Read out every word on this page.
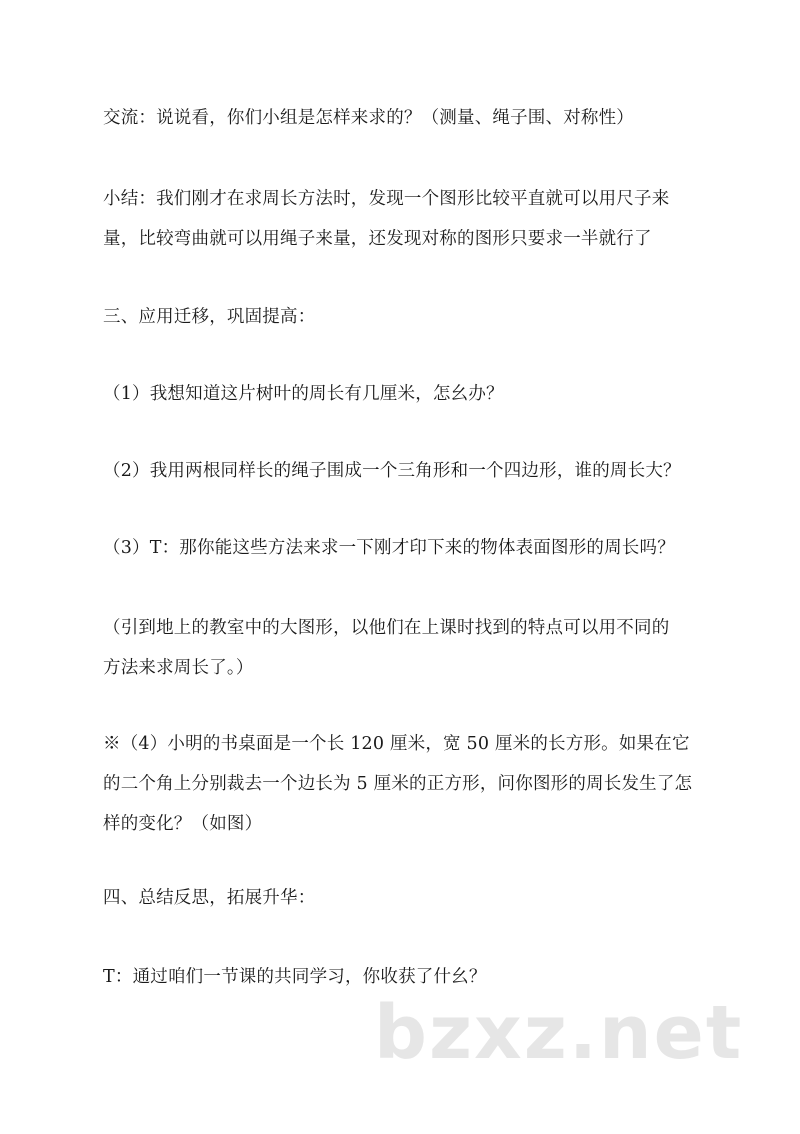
交流：说说看，你们小组是怎样来求的？（测量、绳子围、对称性）
小结：我们刚才在求周长方法时，发现一个图形比较平直就可以用尺子来
量，比较弯曲就可以用绳子来量，还发现对称的图形只要求一半就行了
三、应用迁移，巩固提高：
（1）我想知道这片树叶的周长有几厘米，怎幺办？
（2）我用两根同样长的绳子围成一个三角形和一个四边形，谁的周长大？
（3）T：那你能这些方法来求一下刚才印下来的物体表面图形的周长吗？
（引到地上的教室中的大图形，以他们在上课时找到的特点可以用不同的
方法来求周长了。）
※（4）小明的书桌面是一个长 120 厘米，宽 50 厘米的长方形。如果在它
的二个角上分别裁去一个边长为 5 厘米的正方形，问你图形的周长发生了怎
样的变化？（如图）
四、总结反思，拓展升华：
T：通过咱们一节课的共同学习，你收获了什幺？
bzxz.net
